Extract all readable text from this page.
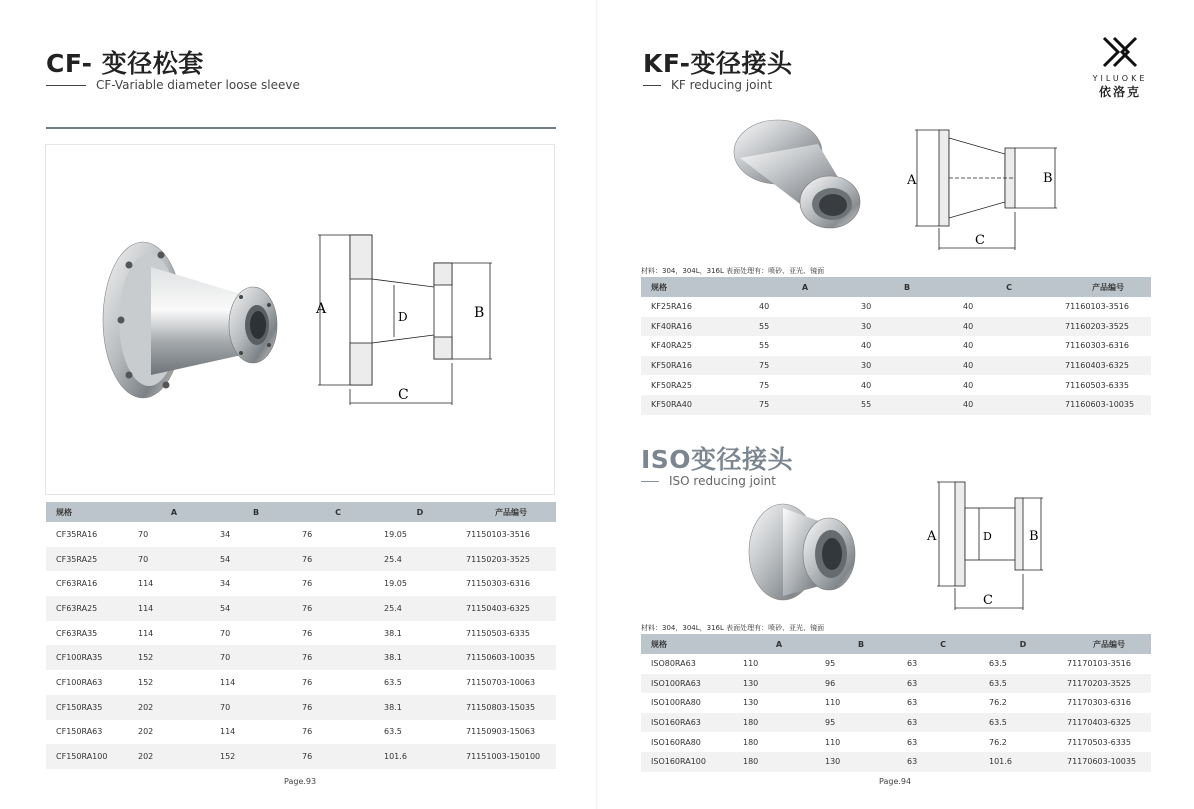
CF- 变径松套
CF-Variable diameter loose sleeve
A	B
C
D
规格	A	B	C	D	产品编号
CF35RA16	70	34	76	19.05	71150103-3516
CF35RA25	70	54	76	25.4	71150203-3525
CF63RA16	114	34	76	19.05	71150303-6316
CF63RA25	114	54	76	25.4	71150403-6325
CF63RA35	114	70	76	38.1	71150503-6335
CF100RA35	152	70	76	38.1	71150603-10035
CF100RA63	152	114	76	63.5	71150703-10063
CF150RA35	202	70	76	38.1	71150803-15035
CF150RA63	202	114	76	63.5	71150903-15063
CF150RA100	202	152	76	101.6	71151003-150100
Page.93
KF-变径接头
KF reducing joint	YILUOKE
依洛克
A	B
C
材料：304，304L，316L 表面处理有：喷砂、亚光、镜面
规格	A	B	C	产品编号
KF25RA16	40	30	40	71160103-3516
KF40RA16	55	30	40	71160203-3525
KF40RA25	55	40	40	71160303-6316
KF50RA16	75	30	40	71160403-6325
KF50RA25	75	40	40	71160503-6335
KF50RA40	75	55	40	71160603-10035
ISO变径接头
ISO reducing joint
A	B
C
D
材料：304，304L，316L 表面处理有：喷砂、亚光、镜面
规格	A	B	C	D	产品编号
ISO80RA63	110	95	63	63.5	71170103-3516
ISO100RA63	130	96	63	63.5	71170203-3525
ISO100RA80	130	110	63	76.2	71170303-6316
ISO160RA63	180	95	63	63.5	71170403-6325
ISO160RA80	180	110	63	76.2	71170503-6335
ISO160RA100	180	130	63	101.6	71170603-10035
Page.94
